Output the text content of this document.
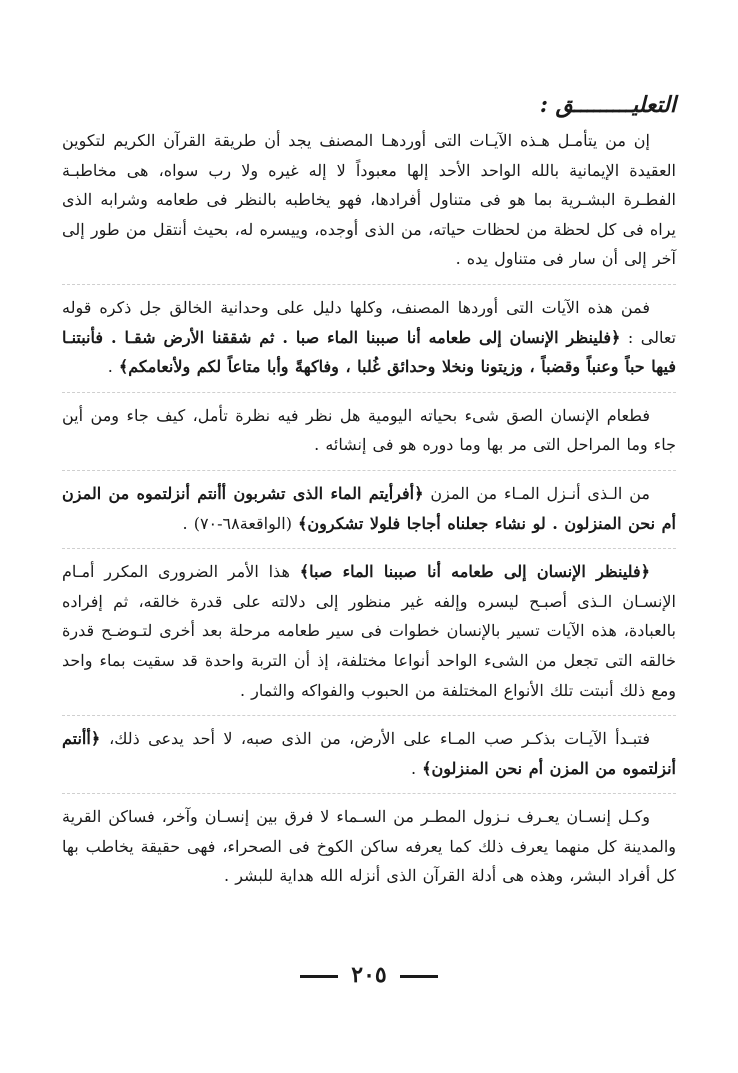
التعليـــــــــق :

إن من يتأمـل هـذه الآيـات التى أوردهـا المصنف يجد أن طريقة القرآن الكريم لتكوين العقيدة الإيمانية بالله الواحد الأحد إلها معبوداً لا إله غيره ولا رب سواه، هى مخاطبـة الفطـرة البشـرية بما هو فى متناول أفرادها، فهو يخاطبه بالنظر فى طعامه وشرابه الذى يراه فى كل لحظة من لحظات حياته، من الذى أوجده، وييسره له، بحيث أنتقل من طور إلى آخر إلى أن سار فى متناول يده .

فمن هذه الآيات التى أوردها المصنف، وكلها دليل على وحدانية الخالق جل ذكره قوله تعالى : ﴿فلينظر الإنسان إلى طعامه أنا صببنا الماء صبا . ثم شققنا الأرض شقـا . فأنبتنـا فيها حباً وعنباً وقضباً ، وزيتونا ونخلا وحدائق غُلبا ، وفاكهةً وأبا متاعاً لكم ولأنعامكم﴾ .

فطعام الإنسان الصق شىء بحياته اليومية هل نظر فيه نظرة تأمل، كيف جاء ومن أين جاء وما المراحل التى مر بها وما دوره هو فى إنشائه .

من الـذى أنـزل المـاء من المزن ﴿أفرأيتم الماء الذى تشربون أأنتم أنزلتموه من المزن أم نحن المنزلون . لو نشاء جعلناه أجاجا فلولا تشكرون﴾ (الواقعة٦٨-٧٠) .

﴿فلينظر الإنسان إلى طعامه أنا صببنا الماء صبا﴾ هذا الأمر الضرورى المكرر أمـام الإنسـان الـذى أصبـح ليسره وإلفه غير منظور إلى دلالته على قدرة خالقه، ثم إفراده بالعبادة، هذه الآيات تسير بالإنسان خطوات فى سير طعامه مرحلة بعد أخرى لتـوضـح قدرة خالقه التى تجعل من الشىء الواحد أنواعا مختلفة، إذ أن التربة واحدة قد سقيت بماء واحد ومع ذلك أنبتت تلك الأنواع المختلفة من الحبوب والفواكه والثمار .

فتبـدأ الآيـات بذكـر صب المـاء على الأرض، من الذى صبه، لا أحد يدعى ذلك، ﴿أأنتم أنزلتموه من المزن أم نحن المنزلون﴾ .

وكـل إنسـان يعـرف نـزول المطـر من السـماء لا فرق بين إنسـان وآخر، فساكن القرية والمدينة كل منهما يعرف ذلك كما يعرفه ساكن الكوخ فى الصحراء، فهى حقيقة يخاطب بها كل أفراد البشر، وهذه هى أدلة القرآن الذى أنزله الله هداية للبشر .

٢٠٥
